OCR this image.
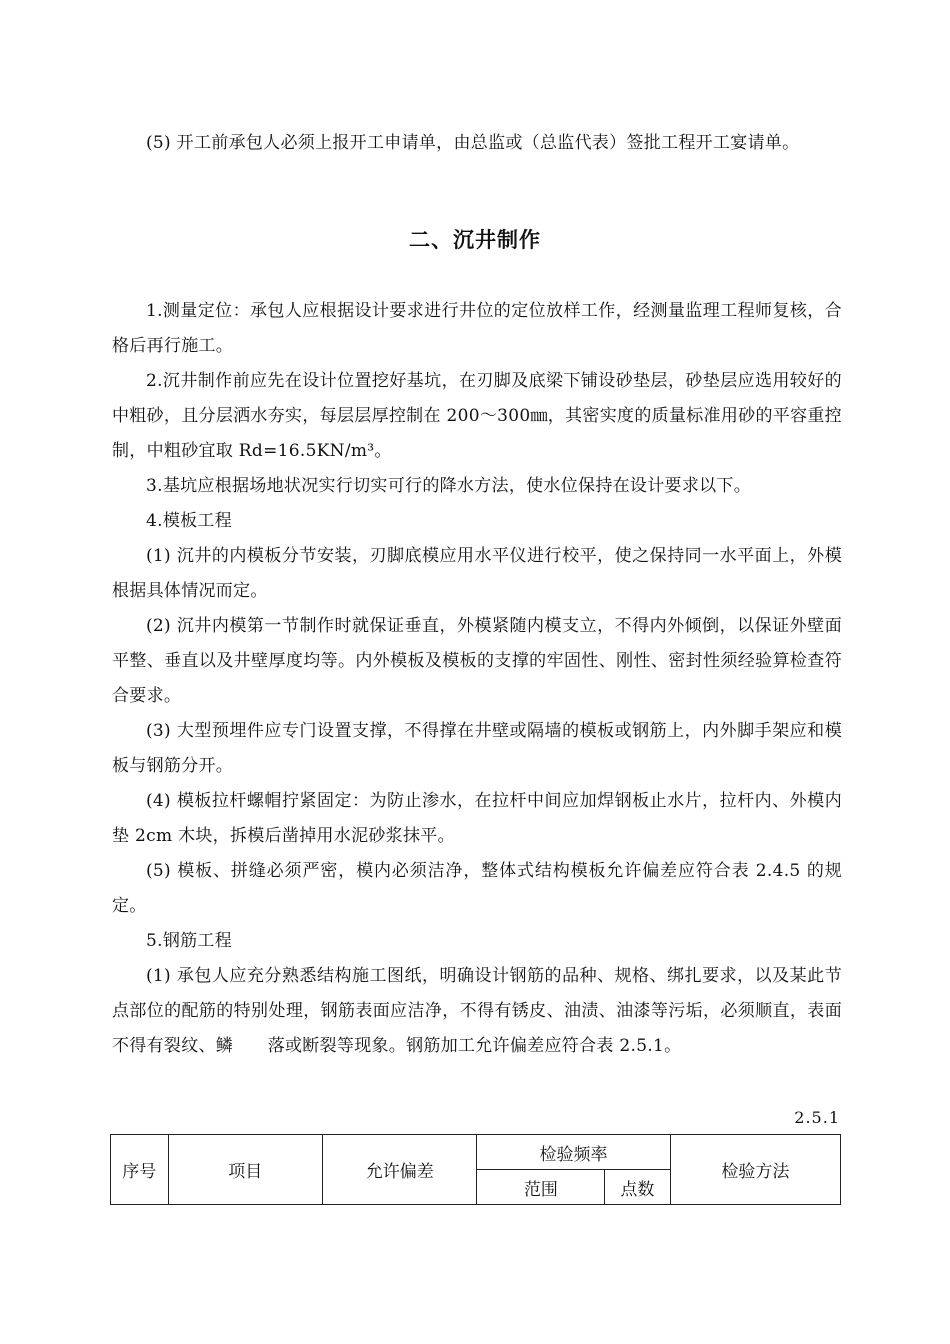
(5) 开工前承包人必须上报开工申请单，由总监或（总监代表）签批工程开工宴请单。
二、沉井制作
1.测量定位：承包人应根据设计要求进行井位的定位放样工作，经测量监理工程师复核，合格后再行施工。
2.沉井制作前应先在设计位置挖好基坑，在刃脚及底梁下铺设砂垫层，砂垫层应选用较好的中粗砂，且分层洒水夯实，每层层厚控制在 200～300㎜，其密实度的质量标准用砂的平容重控制，中粗砂宜取 Rd=16.5KN/m³。
3.基坑应根据场地状况实行切实可行的降水方法，使水位保持在设计要求以下。
4.模板工程
(1) 沉井的内模板分节安装，刃脚底模应用水平仪进行校平，使之保持同一水平面上，外模根据具体情况而定。
(2) 沉井内模第一节制作时就保证垂直，外模紧随内模支立，不得内外倾倒，以保证外壁面平整、垂直以及井壁厚度均等。内外模板及模板的支撑的牢固性、刚性、密封性须经验算检查符合要求。
(3) 大型预埋件应专门设置支撑，不得撑在井壁或隔墙的模板或钢筋上，内外脚手架应和模板与钢筋分开。
(4) 模板拉杆螺帽拧紧固定：为防止渗水，在拉杆中间应加焊钢板止水片，拉杆内、外模内垫 2cm 木块，拆模后凿掉用水泥砂浆抹平。
(5) 模板、拼缝必须严密，模内必须洁净，整体式结构模板允许偏差应符合表 2.4.5 的规定。
5.钢筋工程
(1) 承包人应充分熟悉结构施工图纸，明确设计钢筋的品种、规格、绑扎要求，以及某此节点部位的配筋的特别处理，钢筋表面应洁净，不得有锈皮、油渍、油漆等污垢，必须顺直，表面不得有裂纹、鳞　　落或断裂等现象。钢筋加工允许偏差应符合表 2.5.1。
2.5.1
序号	项目	允许偏差	检验频率		检验方法
			范围	点数	
